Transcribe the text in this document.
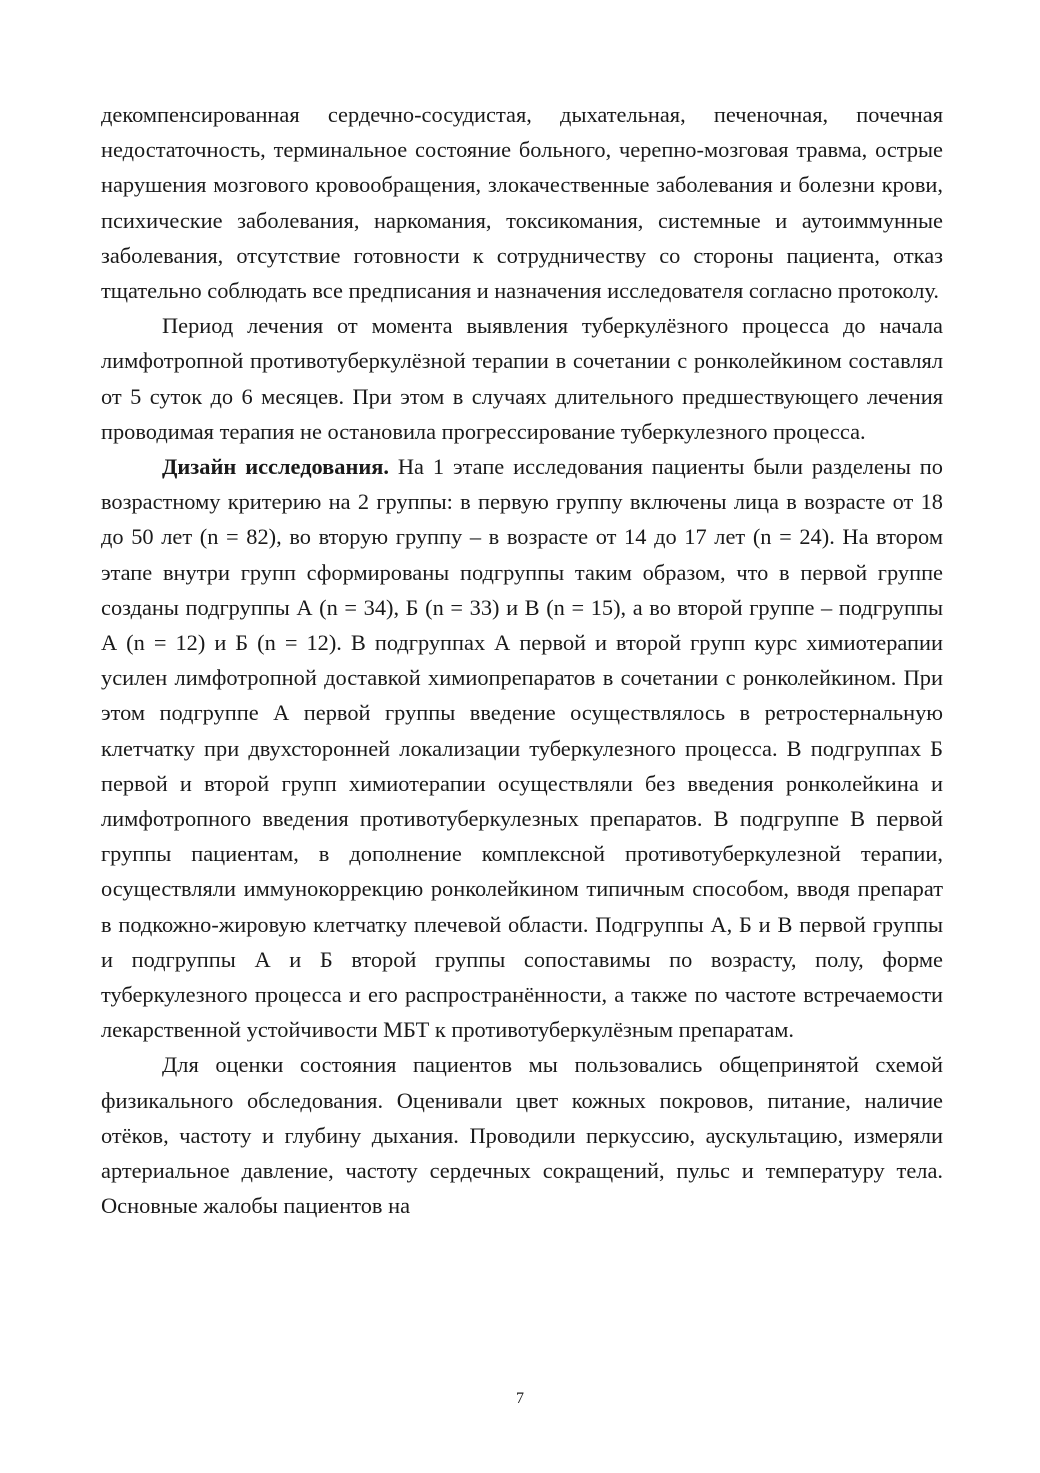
декомпенсированная сердечно-сосудистая, дыхательная, печеночная, почечная недостаточность, терминальное состояние больного, черепно-мозговая травма, острые нарушения мозгового кровообращения, злокачественные заболевания и болезни крови, психические заболевания, наркомания, токсикомания, системные и аутоиммунные заболевания, отсутствие готовности к сотрудничеству со стороны пациента, отказ тщательно соблюдать все предписания и назначения исследователя согласно протоколу.

Период лечения от момента выявления туберкулёзного процесса до начала лимфотропной противотуберкулёзной терапии в сочетании с ронколейкином составлял от 5 суток до 6 месяцев. При этом в случаях длительного предшествующего лечения проводимая терапия не остановила прогрессирование туберкулезного процесса.

Дизайн исследования. На 1 этапе исследования пациенты были разделены по возрастному критерию на 2 группы: в первую группу включены лица в возрасте от 18 до 50 лет (n = 82), во вторую группу – в возрасте от 14 до 17 лет (n = 24). На втором этапе внутри групп сформированы подгруппы таким образом, что в первой группе созданы подгруппы А (n = 34), Б (n = 33) и В (n = 15), а во второй группе – подгруппы А (n = 12) и Б (n = 12). В подгруппах А первой и второй групп курс химиотерапии усилен лимфотропной доставкой химиопрепаратов в сочетании с ронколейкином. При этом подгруппе А первой группы введение осуществлялось в ретростернальную клетчатку при двухсторонней локализации туберкулезного процесса. В подгруппах Б первой и второй групп химиотерапии осуществляли без введения ронколейкина и лимфотропного введения противотуберкулезных препаратов. В подгруппе В первой группы пациентам, в дополнение комплексной противотуберкулезной терапии, осуществляли иммунокоррекцию ронколейкином типичным способом, вводя препарат в подкожно-жировую клетчатку плечевой области. Подгруппы А, Б и В первой группы и подгруппы А и Б второй группы сопоставимы по возрасту, полу, форме туберкулезного процесса и его распространённости, а также по частоте встречаемости лекарственной устойчивости МБТ к противотуберкулёзным препаратам.

Для оценки состояния пациентов мы пользовались общепринятой схемой физикального обследования. Оценивали цвет кожных покровов, питание, наличие отёков, частоту и глубину дыхания. Проводили перкуссию, аускультацию, измеряли артериальное давление, частоту сердечных сокращений, пульс и температуру тела. Основные жалобы пациентов на

7
